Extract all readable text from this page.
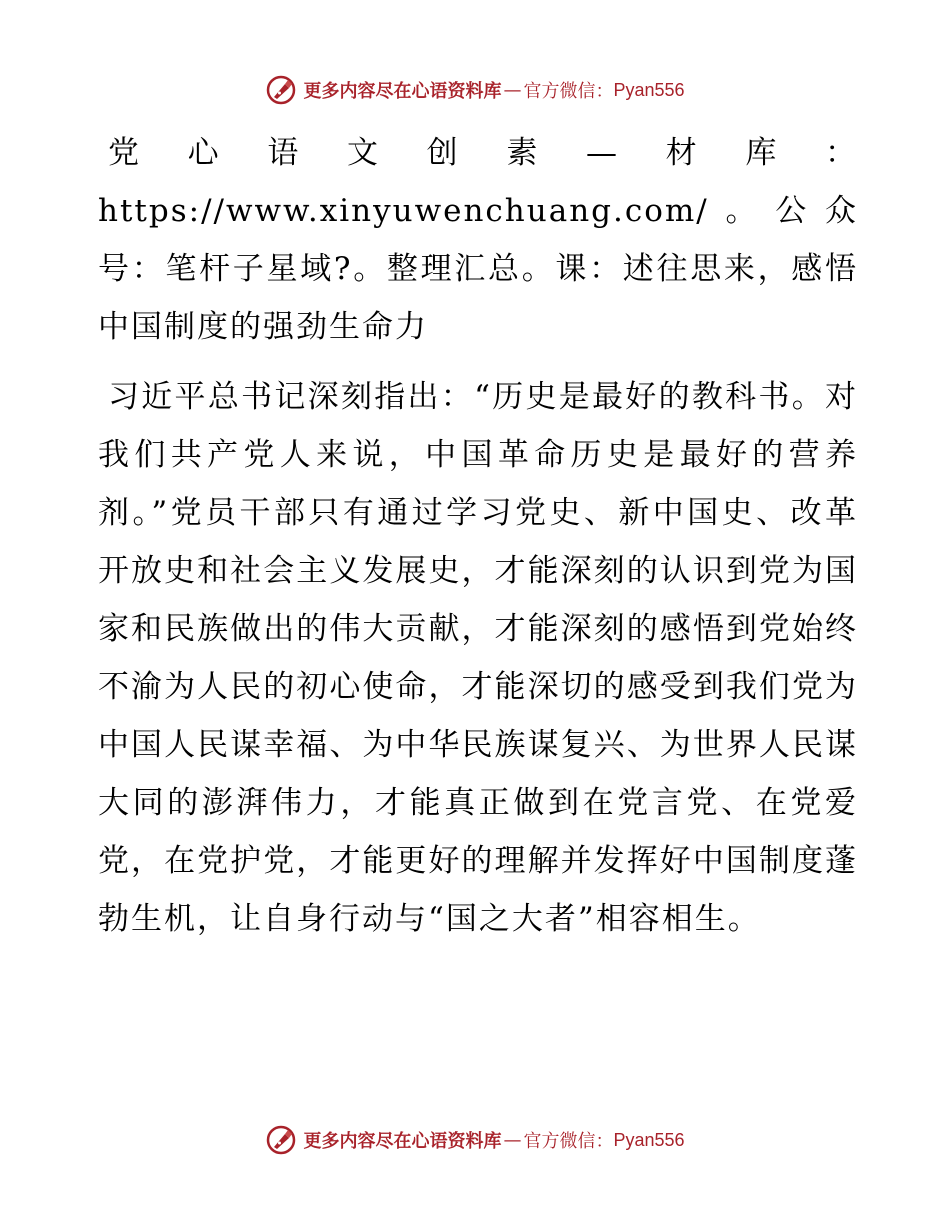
更多内容尽在心语资料库 — 官方微信： Pyan556

党心语文创素—材库：https://www.xinyuwenchuang.com/。公众号：笔杆子星域?。整理汇总。课：述往思来，感悟中国制度的强劲生命力

习近平总书记深刻指出：“历史是最好的教科书。对我们共产党人来说，中国革命历史是最好的营养剂。”党员干部只有通过学习党史、新中国史、改革开放史和社会主义发展史，才能深刻的认识到党为国家和民族做出的伟大贡献，才能深刻的感悟到党始终不渝为人民的初心使命，才能深切的感受到我们党为中国人民谋幸福、为中华民族谋复兴、为世界人民谋大同的澎湃伟力，才能真正做到在党言党、在党爱党，在党护党，才能更好的理解并发挥好中国制度蓬勃生机，让自身行动与“国之大者”相容相生。

更多内容尽在心语资料库 — 官方微信： Pyan556
